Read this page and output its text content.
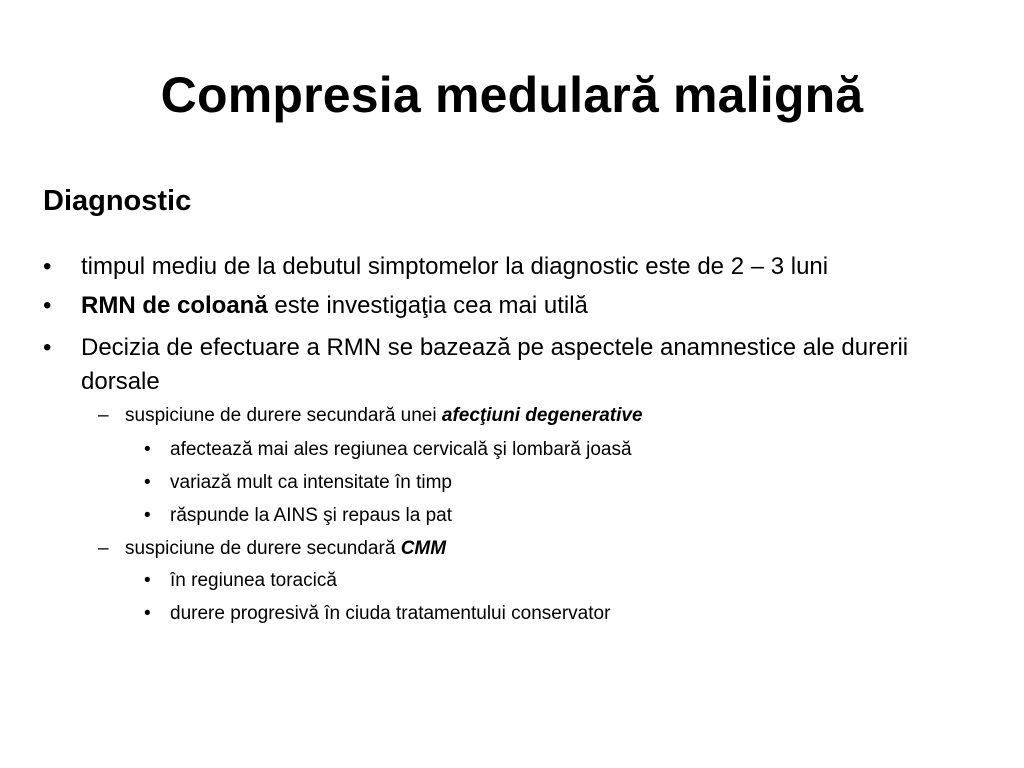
Compresia medulară malignă
Diagnostic
•	timpul mediu de la debutul simptomelor la diagnostic este de 2 – 3 luni
•	RMN de coloană este investigaţia cea mai utilă
•	Decizia de efectuare a RMN se bazează pe aspectele anamnestice ale durerii dorsale
– suspiciune de durere secundară unei afecţiuni degenerative
• afectează mai ales regiunea cervicală şi lombară joasă
• variază mult ca intensitate în timp
• răspunde la AINS şi repaus la pat
– suspiciune de durere secundară CMM
• în regiunea toracică
• durere progresivă în ciuda tratamentului conservator
